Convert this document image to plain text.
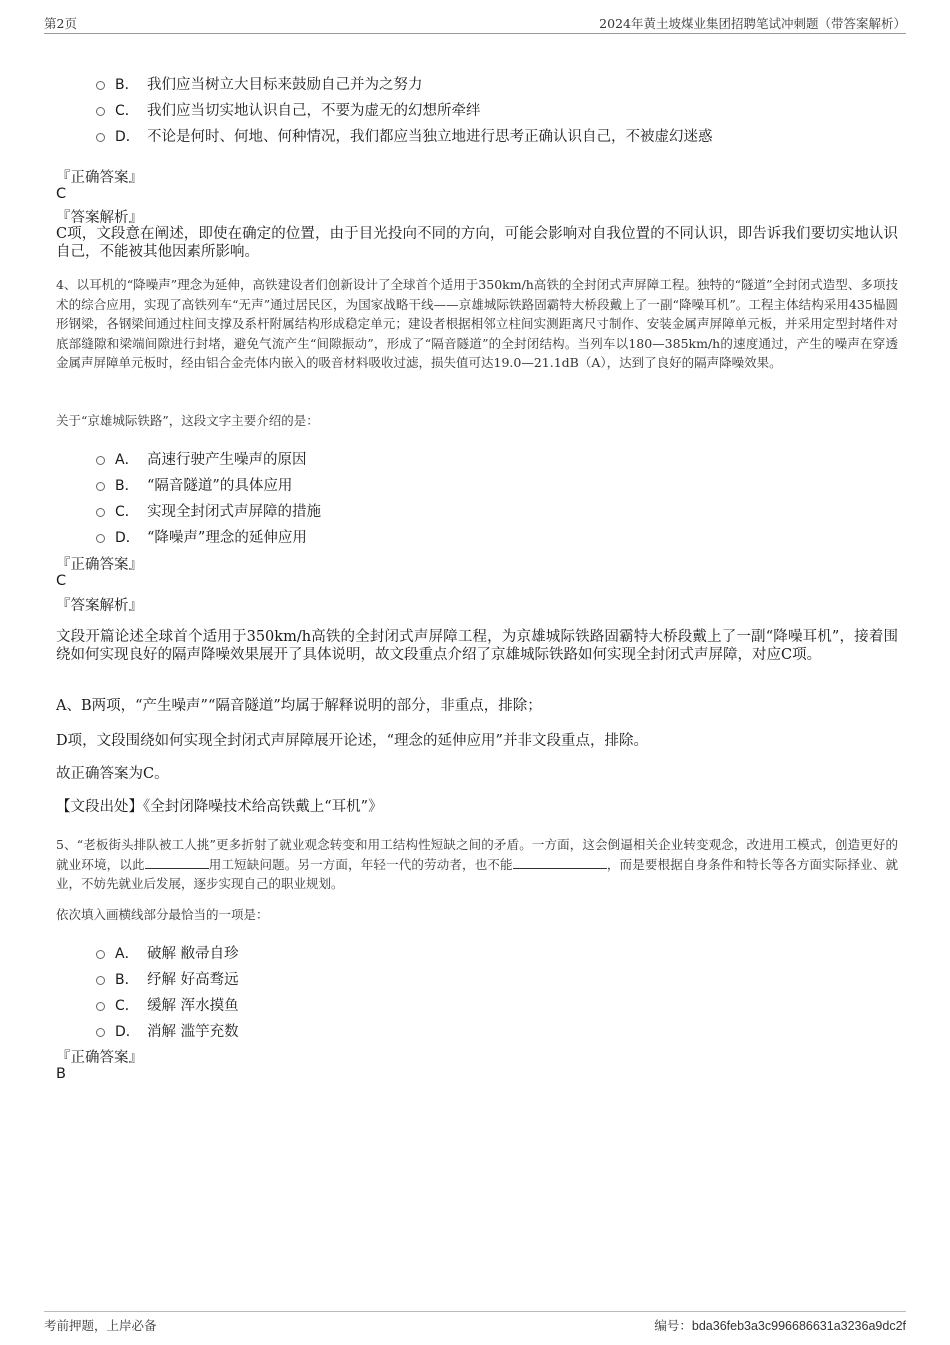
第2页	2024年黄土坡煤业集团招聘笔试冲刺题（带答案解析）
B． 我们应当树立大目标来鼓励自己并为之努力
C． 我们应当切实地认识自己，不要为虚无的幻想所牵绊
D． 不论是何时、何地、何种情况，我们都应当独立地进行思考正确认识自己，不被虚幻迷惑
『正确答案』
C
『答案解析』
C项，文段意在阐述，即使在确定的位置，由于目光投向不同的方向，可能会影响对自我位置的不同认识，即告诉我们要切实地认识自己，不能被其他因素所影响。
4、以耳机的“降噪声”理念为延伸，高铁建设者们创新设计了全球首个适用于350km/h高铁的全封闭式声屏障工程。独特的“隧道”全封闭式造型、多项技术的综合应用，实现了高铁列车“无声”通过居民区，为国家战略干线——京雄城际铁路固霸特大桥段戴上了一副“降噪耳机”。工程主体结构采用435榀圆形钢梁，各钢梁间通过柱间支撑及系杆附属结构形成稳定单元；建设者根据相邻立柱间实测距离尺寸制作、安装金属声屏障单元板，并采用定型封堵件对底部缝隙和梁端间隙进行封堵，避免气流产生“间隙振动”，形成了“隔音隧道”的全封闭结构。当列车以180—385km/h的速度通过，产生的噪声在穿透金属声屏障单元板时，经由铝合金壳体内嵌入的吸音材料吸收过滤，损失值可达19.0—21.1dB（A），达到了良好的隔声降噪效果。
关于“京雄城际铁路”，这段文字主要介绍的是：
A． 高速行驶产生噪声的原因
B． “隔音隧道”的具体应用
C． 实现全封闭式声屏障的措施
D． “降噪声”理念的延伸应用
『正确答案』
C
『答案解析』
文段开篇论述全球首个适用于350km/h高铁的全封闭式声屏障工程，为京雄城际铁路固霸特大桥段戴上了一副“降噪耳机”，接着围绕如何实现良好的隔声降噪效果展开了具体说明，故文段重点介绍了京雄城际铁路如何实现全封闭式声屏障，对应C项。
A、B两项，“产生噪声”“隔音隧道”均属于解释说明的部分，非重点，排除；
D项，文段围绕如何实现全封闭式声屏障展开论述，“理念的延伸应用”并非文段重点，排除。
故正确答案为C。
【文段出处】《全封闭降噪技术给高铁戴上“耳机”》
5、“老板街头排队被工人挑”更多折射了就业观念转变和用工结构性短缺之间的矛盾。一方面，这会倒逼相关企业转变观念，改进用工模式，创造更好的就业环境，以此	用工短缺问题。另一方面，年轻一代的劳动者，也不能	，而是要根据自身条件和特长等各方面实际择业、就业，不妨先就业后发展，逐步实现自己的职业规划。
依次填入画横线部分最恰当的一项是：
A． 破解 敝帚自珍
B． 纾解 好高骛远
C． 缓解 浑水摸鱼
D． 消解 滥竽充数
『正确答案』
B
考前押题，上岸必备	编号：bda36feb3a3c996686631a3236a9dc2f
